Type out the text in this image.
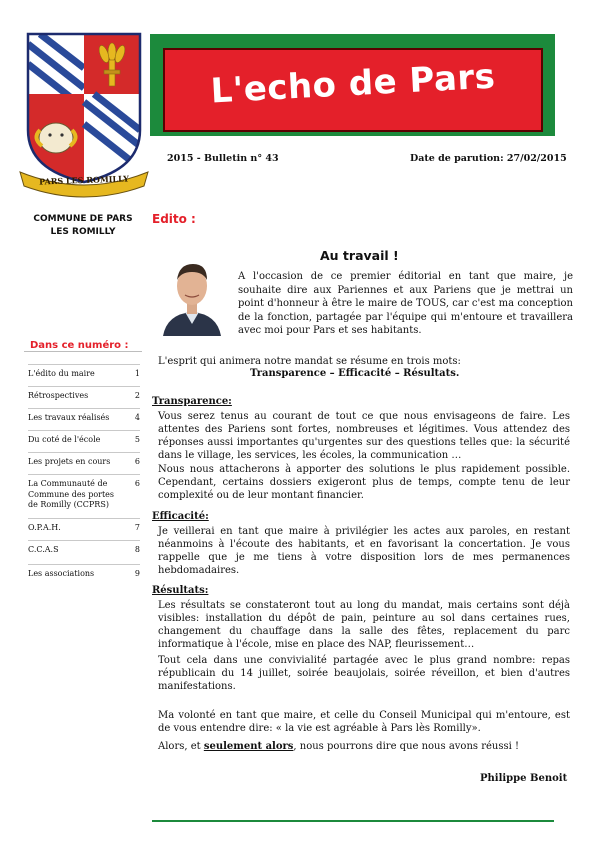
PARS LES ROMILLY
L'echo de Pars
2015 - Bulletin n° 43	Date de parution: 27/02/2015
COMMUNE DE PARS
LES ROMILLY
Edito :
Au travail !
A l'occasion de ce premier éditorial en tant que maire, je souhaite dire aux Pariennes et aux Pariens que je mettrai un point d'honneur à être le maire de TOUS, car c'est ma conception de la fonction, partagée par l'équipe qui m'entoure et travaillera avec moi pour Pars et ses habitants.
Dans ce numéro :
L'édito du maire	1
Rétrospectives	2
Les travaux réalisés	4
Du coté de l'école	5
Les projets en cours	6
La Communauté de Commune des portes de Romilly (CCPRS)
6
O.P.A.H.	7
C.C.A.S	8
Les associations	9
L'esprit qui animera notre mandat se résume en trois mots:
Transparence – Efficacité – Résultats.
Transparence:

Vous serez tenus au courant de tout ce que nous envisageons de faire. Les attentes des Pariens sont fortes, nombreuses et légitimes. Vous attendez des réponses aussi importantes qu'urgentes sur des questions telles que: la sécurité dans le village, les services, les écoles, la communication …

Nous nous attacherons à apporter des solutions le plus rapidement possible. Cependant, certains dossiers exigeront plus de temps, compte tenu de leur complexité ou de leur montant financier.

Efficacité:

Je veillerai en tant que maire à privilégier les actes aux paroles, en restant néanmoins à l'écoute des habitants, et en favorisant la concertation. Je vous rappelle que je me tiens à votre disposition lors de mes permanences hebdomadaires.

Résultats:

Les résultats se constateront tout au long du mandat, mais certains sont déjà visibles: installation du dépôt de pain, peinture au sol dans certaines rues, changement du chauffage dans la salle des fêtes, replacement du parc informatique à l'école, mise en place des NAP, fleurissement…

Tout cela dans une convivialité partagée avec le plus grand nombre: repas républicain du 14 juillet, soirée beaujolais, soirée réveillon, et bien d'autres manifestations.

Ma volonté en tant que maire, et celle du Conseil Municipal qui m'entoure, est de vous entendre dire: « la vie est agréable à Pars lès Romilly».

Alors, et seulement alors, nous pourrons dire que nous avons réussi !
Philippe Benoit
